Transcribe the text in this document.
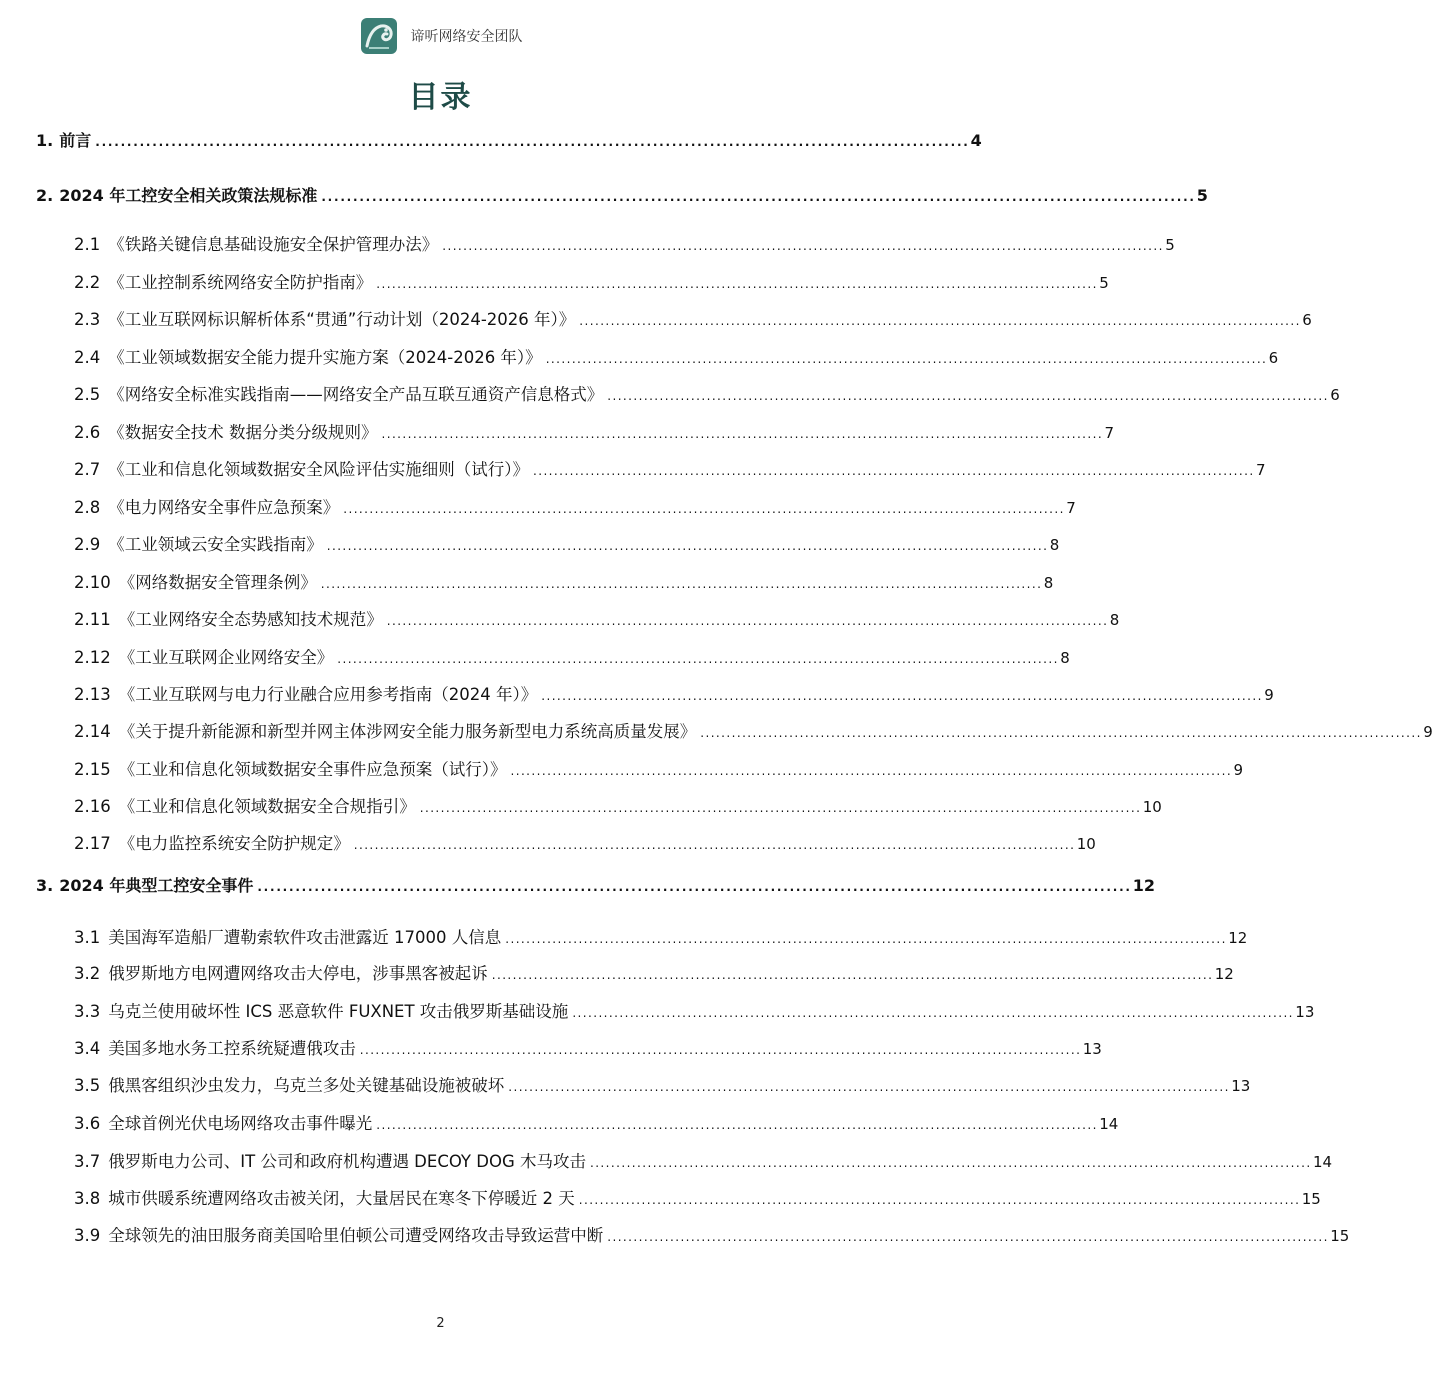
谛听网络安全团队
目录
1. 前言 . . .	4
2. 2024 年工控安全相关政策法规标准 . . .	5
2.1 《铁路关键信息基础设施安全保护管理办法》 . . .	5
2.2 《工业控制系统网络安全防护指南》 . . .	5
2.3 《工业互联网标识解析体系“贯通”行动计划（2024-2026 年）》 . . .	6
2.4 《工业领域数据安全能力提升实施方案（2024-2026 年）》 . . .	6
2.5 《网络安全标准实践指南——网络安全产品互联互通资产信息格式》 . . .	6
2.6 《数据安全技术 数据分类分级规则》 . . .	7
2.7 《工业和信息化领域数据安全风险评估实施细则（试行）》 . . .	7
2.8 《电力网络安全事件应急预案》 . . .	7
2.9 《工业领域云安全实践指南》 . . .	8
2.10 《网络数据安全管理条例》 . . .	8
2.11 《工业网络安全态势感知技术规范》 . . .	8
2.12 《工业互联网企业网络安全》 . . .	8
2.13 《工业互联网与电力行业融合应用参考指南（2024 年）》 . . .	9
2.14 《关于提升新能源和新型并网主体涉网安全能力服务新型电力系统高质量发展》 . . .	9
2.15 《工业和信息化领域数据安全事件应急预案（试行）》 . . .	9
2.16 《工业和信息化领域数据安全合规指引》 . . .	10
2.17 《电力监控系统安全防护规定》 . . .	10
3. 2024 年典型工控安全事件 . . .	12
3.1 美国海军造船厂遭勒索软件攻击泄露近 17000 人信息 . . .	12
3.2 俄罗斯地方电网遭网络攻击大停电，涉事黑客被起诉 . . .	12
3.3 乌克兰使用破坏性 ICS 恶意软件 FUXNET 攻击俄罗斯基础设施 . . .	13
3.4 美国多地水务工控系统疑遭俄攻击 . . .	13
3.5 俄黑客组织沙虫发力，乌克兰多处关键基础设施被破坏 . . .	13
3.6 全球首例光伏电场网络攻击事件曝光 . . .	14
3.7 俄罗斯电力公司、IT 公司和政府机构遭遇 DECOY DOG 木马攻击 . . .	14
3.8 城市供暖系统遭网络攻击被关闭，大量居民在寒冬下停暖近 2 天 . . .	15
3.9 全球领先的油田服务商美国哈里伯顿公司遭受网络攻击导致运营中断 . . .	15
2
